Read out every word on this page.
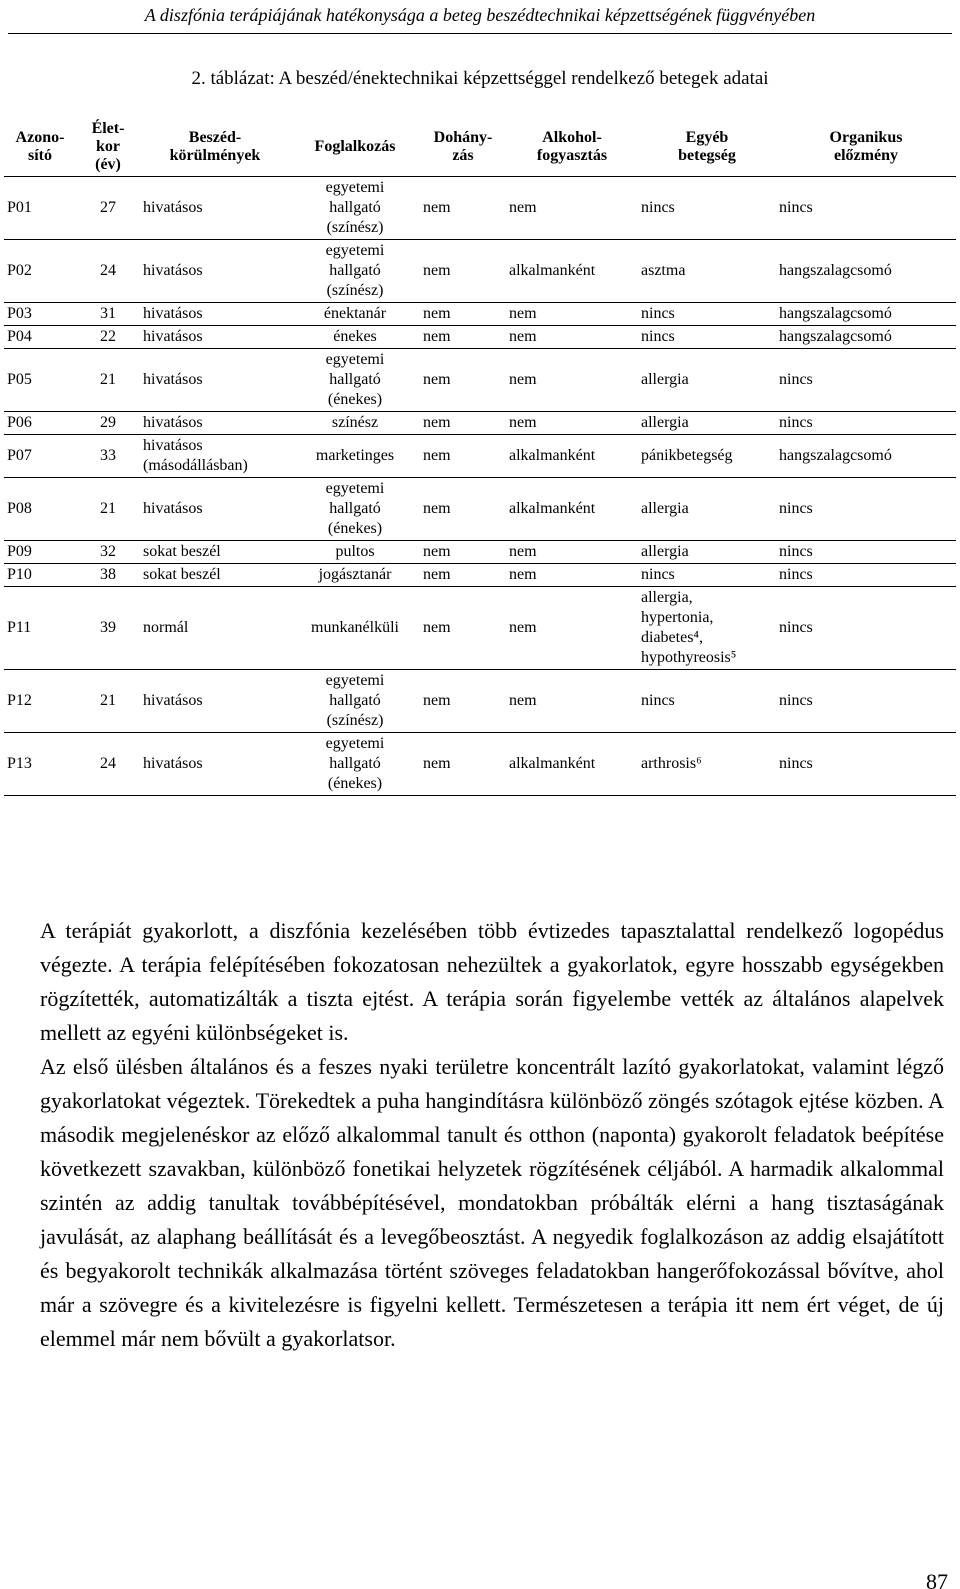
A diszfónia terápiájának hatékonysága a beteg beszédtechnikai képzettségének függvényében
2. táblázat: A beszéd/énektechnikai képzettséggel rendelkező betegek adatai
Azono-
sító	Élet-
kor
(év)	Beszéd-
körülmények	Foglalkozás	Dohány-
zás	Alkohol-
fogyasztás	Egyéb
betegség	Organikus
előzmény

P01	27	hivatásos	egyetemi
hallgató
(színész)	nem	nem	nincs	nincs
P02	24	hivatásos	egyetemi
hallgató
(színész)	nem	alkalmanként	asztma	hangszalagcsomó
P03	31	hivatásos	énektanár	nem	nem	nincs	hangszalagcsomó
P04	22	hivatásos	énekes	nem	nem	nincs	hangszalagcsomó
P05	21	hivatásos	egyetemi
hallgató
(énekes)	nem	nem	allergia	nincs
P06	29	hivatásos	színész	nem	nem	allergia	nincs
P07	33	hivatásos
(másodállásban)	marketinges	nem	alkalmanként	pánikbetegség	hangszalagcsomó
P08	21	hivatásos	egyetemi
hallgató
(énekes)	nem	alkalmanként	allergia	nincs
P09	32	sokat beszél	pultos	nem	nem	allergia	nincs
P10	38	sokat beszél	jogásztanár	nem	nem	nincs	nincs
P11	39	normál	munkanélküli	nem	nem	allergia,
hypertonia,
diabetes⁴,
hypothyreosis⁵	nincs
P12	21	hivatásos	egyetemi
hallgató
(színész)	nem	nem	nincs	nincs
P13	24	hivatásos	egyetemi
hallgató
(énekes)	nem	alkalmanként	arthrosis⁶	nincs

A terápiát gyakorlott, a diszfónia kezelésében több évtizedes tapasztalattal rendelkező logopédus végezte. A terápia felépítésében fokozatosan nehezültek a gyakorlatok, egyre hosszabb egységekben rögzítették, automatizálták a tiszta ejtést. A terápia során figyelembe vették az általános alapelvek mellett az egyéni különbségeket is.

Az első ülésben általános és a feszes nyaki területre koncentrált lazító gyakorlatokat, valamint légző gyakorlatokat végeztek. Törekedtek a puha hangindításra különböző zöngés szótagok ejtése közben. A második megjelenéskor az előző alkalommal tanult és otthon (naponta) gyakorolt feladatok beépítése következett szavakban, különböző fonetikai helyzetek rögzítésének céljából. A harmadik alkalommal szintén az addig tanultak továbbépítésével, mondatokban próbálták elérni a hang tisztaságának javulását, az alaphang beállítását és a levegőbeosztást. A negyedik foglalkozáson az addig elsajátított és begyakorolt technikák alkalmazása történt szöveges feladatokban hangerőfokozással bővítve, ahol már a szövegre és a kivitelezésre is figyelni kellett. Természetesen a terápia itt nem ért véget, de új elemmel már nem bővült a gyakorlatsor.

87
